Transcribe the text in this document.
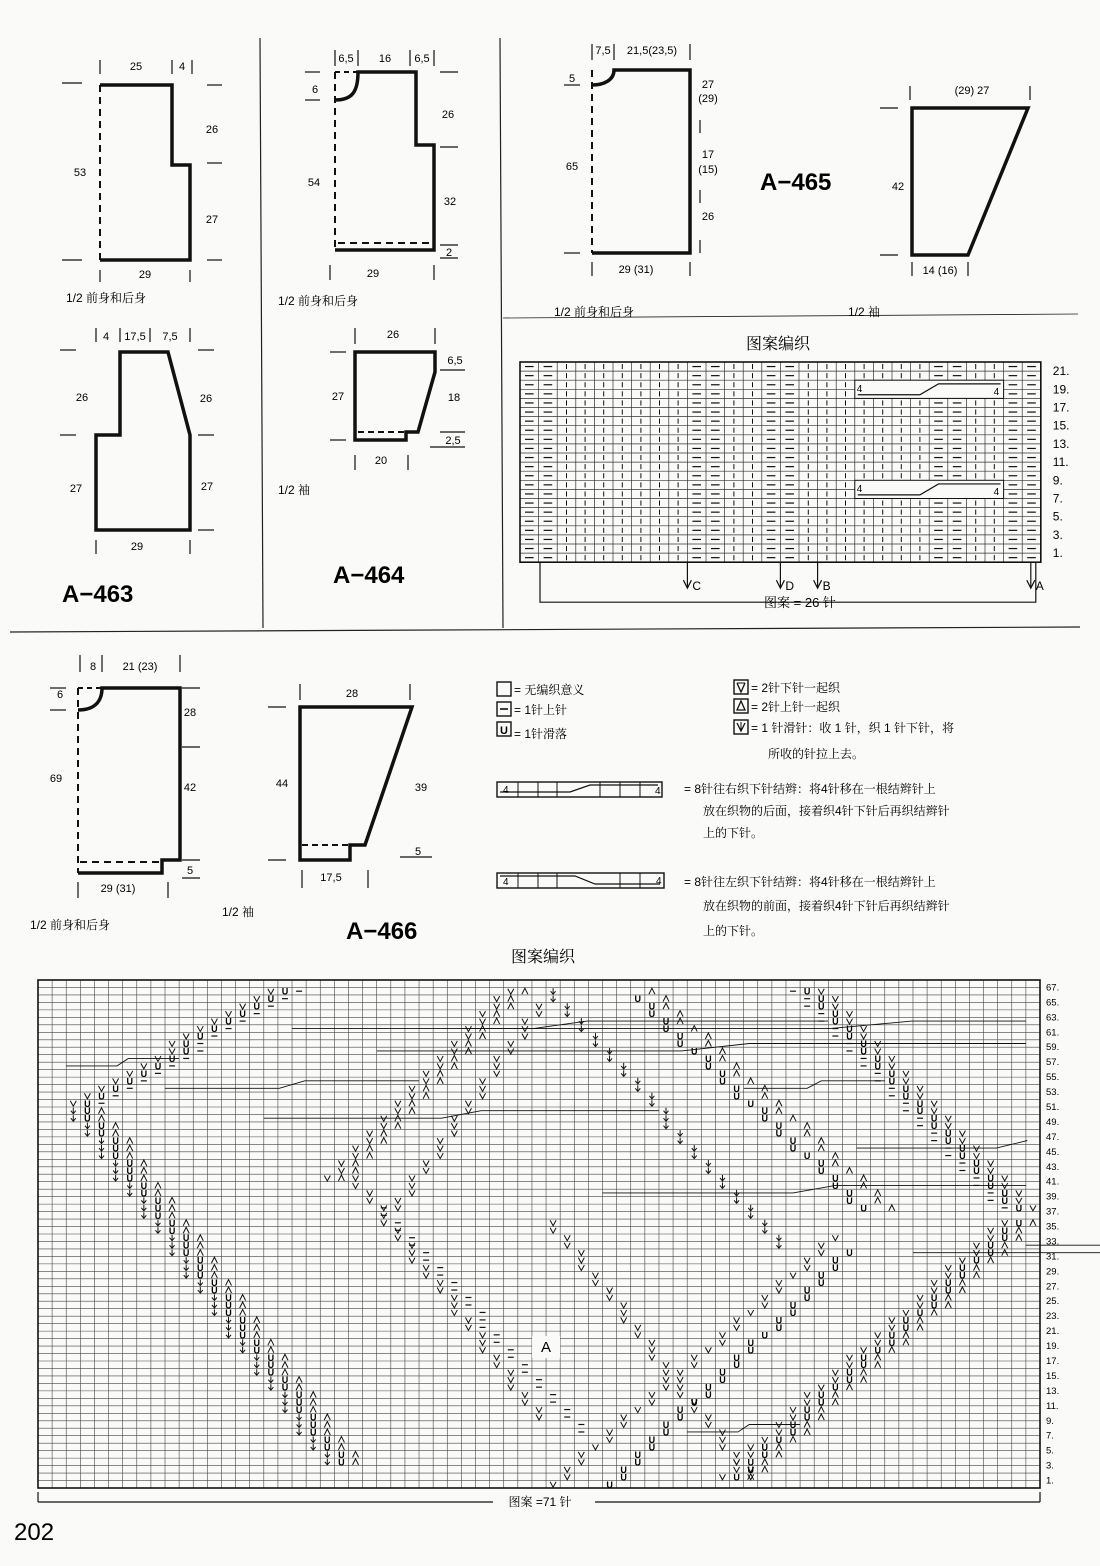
25	4
26
27
53
29
1/2 前身和后身
4 17,5 7,5
26	26
27	27
29
A−463
6,5 16 6,5
6
54
26
32
2
29
1/2 前身和后身
26
6,5
27	18
2,5
20
1/2 袖
A−464
7,5 21,5(23,5)
5
65
27
(29)
17
(15)
26
29 (31)
1/2 前身和后身
A−465
(29) 27
42
14 (16)
1/2 袖
图案编织
4	4
4	4
21.
19.
17.
15.
13.
11.
9.
7.
5.
3.
1.
C	D B	A
图案 = 26 针
8 21 (23)
6
69
28
42
5
29 (31)
1/2 前身和后身
28
44	39
5
17,5
1/2 袖
A−466
= 无编织意义
= 1针上针
U = 1针滑落
= 2针下针一起织
= 2针上针一起织
= 1 针滑针：收 1 针，织 1 针下针，将
所收的针拉上去。
4	4 = 8针往右织下针结辫：将4针移在一根结辫针上
放在织物的后面，接着织4针下针后再织结辫针
上的下针。
4	4 = 8针往左织下针结辫：将4针移在一根结辫针上
放在织物的前面，接着织4针下针后再织结辫针
上的下针。
图案编织
U
U
U
U
U
U
U
U
U
U
U
U
U
U
U
U
U
U
U
U
U
U
U
U
U
U
U
U
U
U
U
U
U
U
U
U
U
U
U
U
U
U
U
U
U
U
U
U
U
U
U
U
U
U
U
U
U
U
U
U
U
U
U
U
U
U
U
U
U
U
U
U
U
U
U
U
U
U
U
U
U
U
U
U
U
U
U
U
U
U
U
U
U
U
U
U
U
U
U
U
U
U
U
U
U
U
U
U
U
U
U
U
U
U
U
U
U
U
U
U
U
U
U
U
U
U
U
U
U
U
U
U
U
U
U
U
U
U
U
U
U
U
U
U
U
U
U
U
U
U
U
U
U
U
U
U
U
U
U
U
U
U
U
U
U
U
U
U
U
U
U
U
U
U
U
U
U
U
U
U
U
U
U
U
U
U
U
U
U
U
A
67.
65.
63.
61.
59.
57.
55.
53.
51.
49.
47.
45.
43.
41.
39.
37.
35.
33.
31.
29.
27.
25.
23.
21.
19.
17.
15.
13.
11.
9.
7.
5.
3.
1.
图案 =71 针
202
